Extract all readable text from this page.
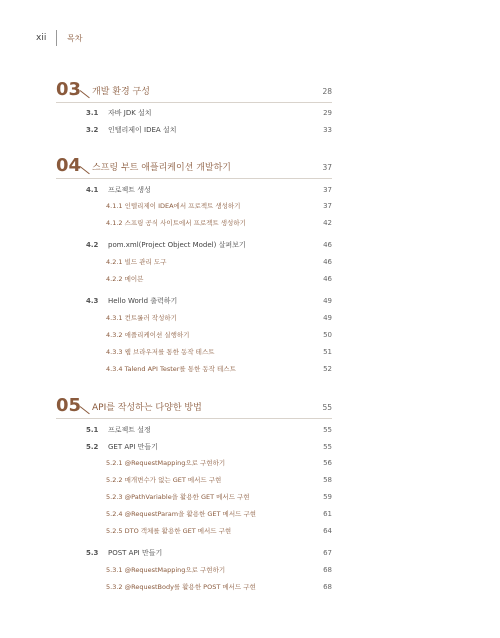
xii	목차
03 개발 환경 구성	28
3.1 자바 JDK 설치	29
3.2 인텔리제이 IDEA 설치	33
04 스프링 부트 애플리케이션 개발하기	37
4.1 프로젝트 생성	37
4.1.1 인텔리제이 IDEA에서 프로젝트 생성하기	37
4.1.2 스프링 공식 사이트에서 프로젝트 생성하기	42
4.2 pom.xml(Project Object Model) 살펴보기	46
4.2.1 빌드 관리 도구	46
4.2.2 메이븐	46
4.3 Hello World 출력하기	49
4.3.1 컨트롤러 작성하기	49
4.3.2 애플리케이션 실행하기	50
4.3.3 웹 브라우저를 통한 동작 테스트	51
4.3.4 Talend API Tester를 통한 동작 테스트	52
05 API를 작성하는 다양한 방법	55
5.1 프로젝트 설정	55
5.2 GET API 만들기	55
5.2.1 @RequestMapping으로 구현하기	56
5.2.2 매개변수가 없는 GET 메서드 구현	58
5.2.3 @PathVariable을 활용한 GET 메서드 구현	59
5.2.4 @RequestParam을 활용한 GET 메서드 구현	61
5.2.5 DTO 객체를 활용한 GET 메서드 구현	64
5.3 POST API 만들기	67
5.3.1 @RequestMapping으로 구현하기	68
5.3.2 @RequestBody를 활용한 POST 메서드 구현	68
